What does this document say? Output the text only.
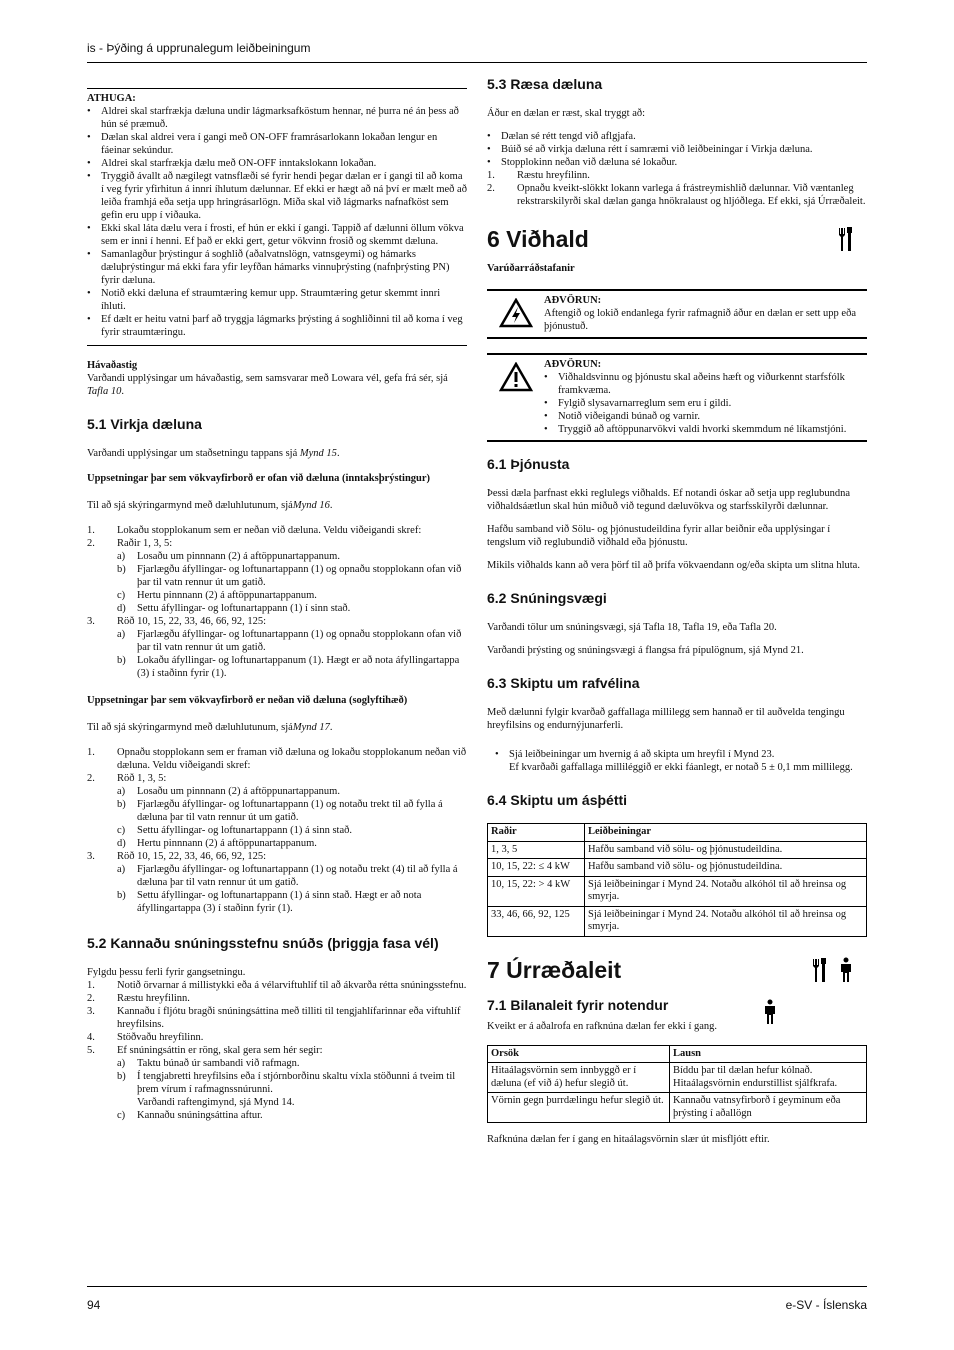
is - Þýðing á upprunalegum leiðbeiningum
ATHUGA:
• Aldrei skal starfrækja dæluna undir lágmarksafköstum hennar, né þurra né án þess að hún sé præmuð.
• Dælan skal aldrei vera í gangi með ON-OFF framrásarlokann lokaðan lengur en fáeinar sekúndur.
• Aldrei skal starfrækja dælu með ON-OFF inntakslokann lokaðan.
• Tryggið ávallt að nægilegt vatnsflæði sé fyrir hendi þegar dælan er í gangi til að koma í veg fyrir yfirhitun á innri íhlutum dælunnar. Ef ekki er hægt að ná því er mælt með að leiða framhjá eða setja upp hringrásarlögn. Miða skal við lágmarks nafnafköst sem gefin eru upp í viðauka.
• Ekki skal láta dælu vera í frosti, ef hún er ekki í gangi. Tappið af dælunni öllum vökva sem er inni í henni. Ef það er ekki gert, getur vökvinn frosið og skemmt dæluna.
• Samanlagður þrýstingur á soghlið (aðalvatnslögn, vatnsgeymi) og hámarks dæluþrýstingur má ekki fara yfir leyfðan hámarks vinnuþrýsting (nafnþrýsting PN) fyrir dæluna.
• Notið ekki dæluna ef straumtæring kemur upp. Straumtæring getur skemmt innri íhluti.
• Ef dælt er heitu vatni þarf að tryggja lágmarks þrýsting á soghliðinni til að koma í veg fyrir straumtæringu.
Hávaðastig
Varðandi upplýsingar um hávaðastig, sem samsvarar með Lowara vél, gefa frá sér, sjá Tafla 10.
5.1 Virkja dæluna
Varðandi upplýsingar um staðsetningu tappans sjá Mynd 15.
Uppsetningar þar sem vökvayfirborð er ofan við dæluna (inntaksþrýstingur)
Til að sjá skýringarmynd með dæluhlutunum, sjáMynd 16.
1.	Lokaðu stopplokanum sem er neðan við dæluna. Veldu viðeigandi skref:
2.	Raðir 1, 3, 5:
a)	Losaðu um pinnnann (2) á aftöppunartappanum.
b)	Fjarlægðu áfyllingar- og loftunartappann (1) og opnaðu stopplokann ofan við þar til vatn rennur út um gatið.
c)	Hertu pinnnann (2) á aftöppunartappanum.
d)	Settu áfyllingar- og loftunartappann (1) í sinn stað.
3.	Röð 10, 15, 22, 33, 46, 66, 92, 125:
a)	Fjarlægðu áfyllingar- og loftunartappann (1) og opnaðu stopplokann ofan við þar til vatn rennur út um gatið.
b)	Lokaðu áfyllingar- og loftunartappanum (1). Hægt er að nota áfyllingartappa (3) í staðinn fyrir (1).
Uppsetningar þar sem vökvayfirborð er neðan við dæluna (soglyftihæð)
Til að sjá skýringarmynd með dæluhlutunum, sjáMynd 17.
1.	Opnaðu stopplokann sem er framan við dæluna og lokaðu stopplokanum neðan við dæluna. Veldu viðeigandi skref:
2.	Röð 1, 3, 5:
a)	Losaðu um pinnnann (2) á aftöppunartappanum.
b)	Fjarlægðu áfyllingar- og loftunartappann (1) og notaðu trekt til að fylla á dæluna þar til vatn rennur út um gatið.
c)	Settu áfyllingar- og loftunartappann (1) á sinn stað.
d)	Hertu pinnnann (2) á aftöppunartappanum.
3.	Röð 10, 15, 22, 33, 46, 66, 92, 125:
a)	Fjarlægðu áfyllingar- og loftunartappann (1) og notaðu trekt (4) til að fylla á dæluna þar til vatn rennur út um gatið.
b)	Settu áfyllingar- og loftunartappann (1) á sinn stað. Hægt er að nota áfyllingartappa (3) í staðinn fyrir (1).
5.2 Kannaðu snúningsstefnu snúðs (þriggja fasa vél)
Fylgdu þessu ferli fyrir gangsetningu.
1.	Notið örvarnar á millistykki eða á vélarviftuhlíf til að ákvarða rétta snúningsstefnu.
2.	Ræstu hreyfilinn.
3.	Kannaðu í fljótu bragði snúningsáttina með tilliti til tengjahlífarinnar eða viftuhlíf hreyfilsins.
4.	Stöðvaðu hreyfilinn.
5.	Ef snúningsáttin er röng, skal gera sem hér segir:
a)	Taktu búnað úr sambandi við rafmagn.
b)	Í tengjabretti hreyfilsins eða í stjórnborðinu skaltu víxla stöðunni á tveim til þrem vírum í rafmagnssnúrunni.
Varðandi raftengimynd, sjá Mynd 14.
c)	Kannaðu snúningsáttina aftur.
5.3 Ræsa dæluna
Áður en dælan er ræst, skal tryggt að:
• Dælan sé rétt tengd við aflgjafa.
• Búið sé að virkja dæluna rétt í samræmi við leiðbeiningar í Virkja dæluna.
• Stopplokinn neðan við dæluna sé lokaður.
1.	Ræstu hreyfilinn.
2.	Opnaðu kveikt-slökkt lokann varlega á frástreymishlið dælunnar. Við væntanleg rekstrarskilyrði skal dælan ganga hnökralaust og hljóðlega. Ef ekki, sjá Úrræðaleit.
6 Viðhald
Varúðarráðstafanir
AÐVÖRUN:
Aftengið og lokið endanlega fyrir rafmagnið áður en dælan er sett upp eða þjónustuð.
AÐVÖRUN:
• Viðhaldsvinnu og þjónustu skal aðeins hæft og viðurkennt starfsfólk framkvæma.
• Fylgið slysavarnarreglum sem eru í gildi.
• Notið viðeigandi búnað og varnir.
• Tryggið að aftöppunarvökvi valdi hvorki skemmdum né líkamstjóni.
6.1 Þjónusta
Þessi dæla þarfnast ekki reglulegs viðhalds. Ef notandi óskar að setja upp reglubundna viðhaldsáætlun skal hún miðuð við tegund dæluvökva og starfsskilyrði dælunnar.
Hafðu samband við Sölu- og þjónustudeildina fyrir allar beiðnir eða upplýsingar í tengslum við reglubundið viðhald eða þjónustu.
Mikils viðhalds kann að vera þörf til að þrífa vökvaendann og/eða skipta um slitna hluta.
6.2 Snúningsvægi
Varðandi tölur um snúningsvægi, sjá Tafla 18, Tafla 19, eða Tafla 20.
Varðandi þrýsting og snúningsvægi á flangsa frá pípulögnum, sjá Mynd 21.
6.3 Skiptu um rafvélina
Með dælunni fylgir kvarðað gaffallaga millilegg sem hannað er til auðvelda tengingu hreyfilsins og endurnýjunarferli.
• Sjá leiðbeiningar um hvernig á að skipta um hreyfil í Mynd 23.
Ef kvarðaði gaffallaga milliléggið er ekki fáanlegt, er notað 5 ± 0,1 mm millilegg.
6.4 Skiptu um ásþétti
Raðir	Leiðbeiningar
1, 3, 5	Hafðu samband við sölu- og þjónustudeildina.
10, 15, 22: ≤ 4 kW	Hafðu samband við sölu- og þjónustudeildina.
10, 15, 22: > 4 kW	Sjá leiðbeiningar í Mynd 24. Notaðu alkóhól til að hreinsa og smyrja.
33, 46, 66, 92, 125	Sjá leiðbeiningar í Mynd 24. Notaðu alkóhól til að hreinsa og smyrja.
7 Úrræðaleit
7.1 Bilanaleit fyrir notendur
Kveikt er á aðalrofa en rafknúna dælan fer ekki í gang.
Orsök	Lausn
Hitaálagsvörnin sem innbyggð er í dæluna (ef við á) hefur slegið út.	Bíddu þar til dælan hefur kólnað. Hitaálagsvörnin endurstillist sjálfkrafa.
Vörnin gegn þurrdælingu hefur slegið út.	Kannaðu vatnsyfirborð í geyminum eða þrýsting í aðallögn
Rafknúna dælan fer í gang en hitaálagsvörnin slær út misfljótt eftir.
94	e-SV - Íslenska
